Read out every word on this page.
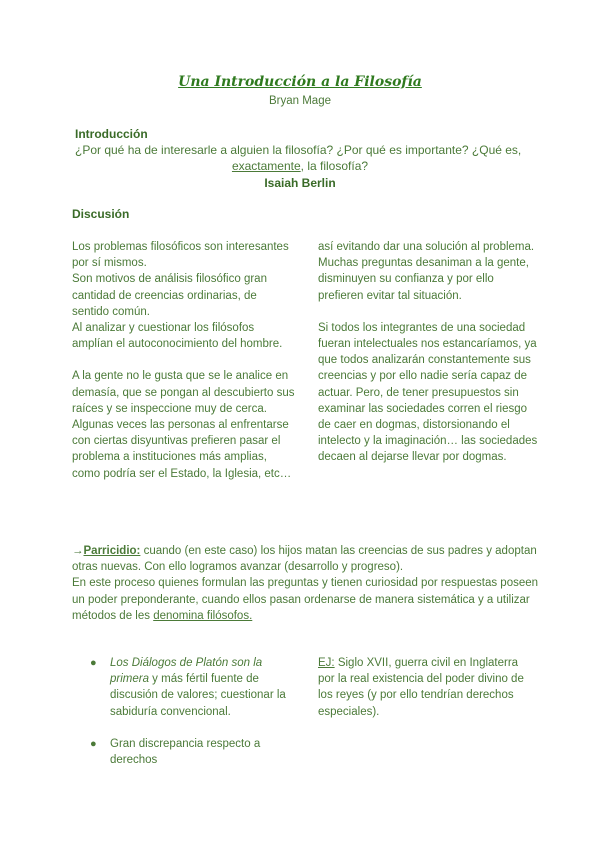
Una Introducción a la Filosofía
Bryan Mage
Introducción
¿Por qué ha de interesarle a alguien la filosofía? ¿Por qué es importante? ¿Qué es,
exactamente, la filosofía?
Isaiah Berlin
Discusión

Los problemas filosóficos son interesantes por sí mismos.

Son motivos de análisis filosófico gran cantidad de creencias ordinarias, de sentido común.

Al analizar y cuestionar los filósofos amplían el autoconocimiento del hombre.

A la gente no le gusta que se le analice en demasía, que se pongan al descubierto sus raíces y se inspeccione muy de cerca.

Algunas veces las personas al enfrentarse con ciertas disyuntivas prefieren pasar el problema a instituciones más amplias, como podría ser el Estado, la Iglesia, etc…

así evitando dar una solución al problema.

Muchas preguntas desaniman a la gente, disminuyen su confianza y por ello prefieren evitar tal situación.

Si todos los integrantes de una sociedad fueran intelectuales nos estancaríamos, ya que todos analizarán constantemente sus creencias y por ello nadie sería capaz de actuar. Pero, de tener presupuestos sin examinar las sociedades corren el riesgo de caer en dogmas, distorsionando el intelecto y la imaginación… las sociedades decaen al dejarse llevar por dogmas.

→Parricidio: cuando (en este caso) los hijos matan las creencias de sus padres y adoptan otras nuevas. Con ello logramos avanzar (desarrollo y progreso).

En este proceso quienes formulan las preguntas y tienen curiosidad por respuestas poseen un poder preponderante, cuando ellos pasan ordenarse de manera sistemática y a utilizar métodos de les denomina filósofos.

● Los Diálogos de Platón son la primera y más fértil fuente de discusión de valores; cuestionar la sabiduría convencional.
● Gran discrepancia respecto a derechos
EJ: Siglo XVII, guerra civil en Inglaterra por la real existencia del poder divino de los reyes (y por ello tendrían derechos especiales).
